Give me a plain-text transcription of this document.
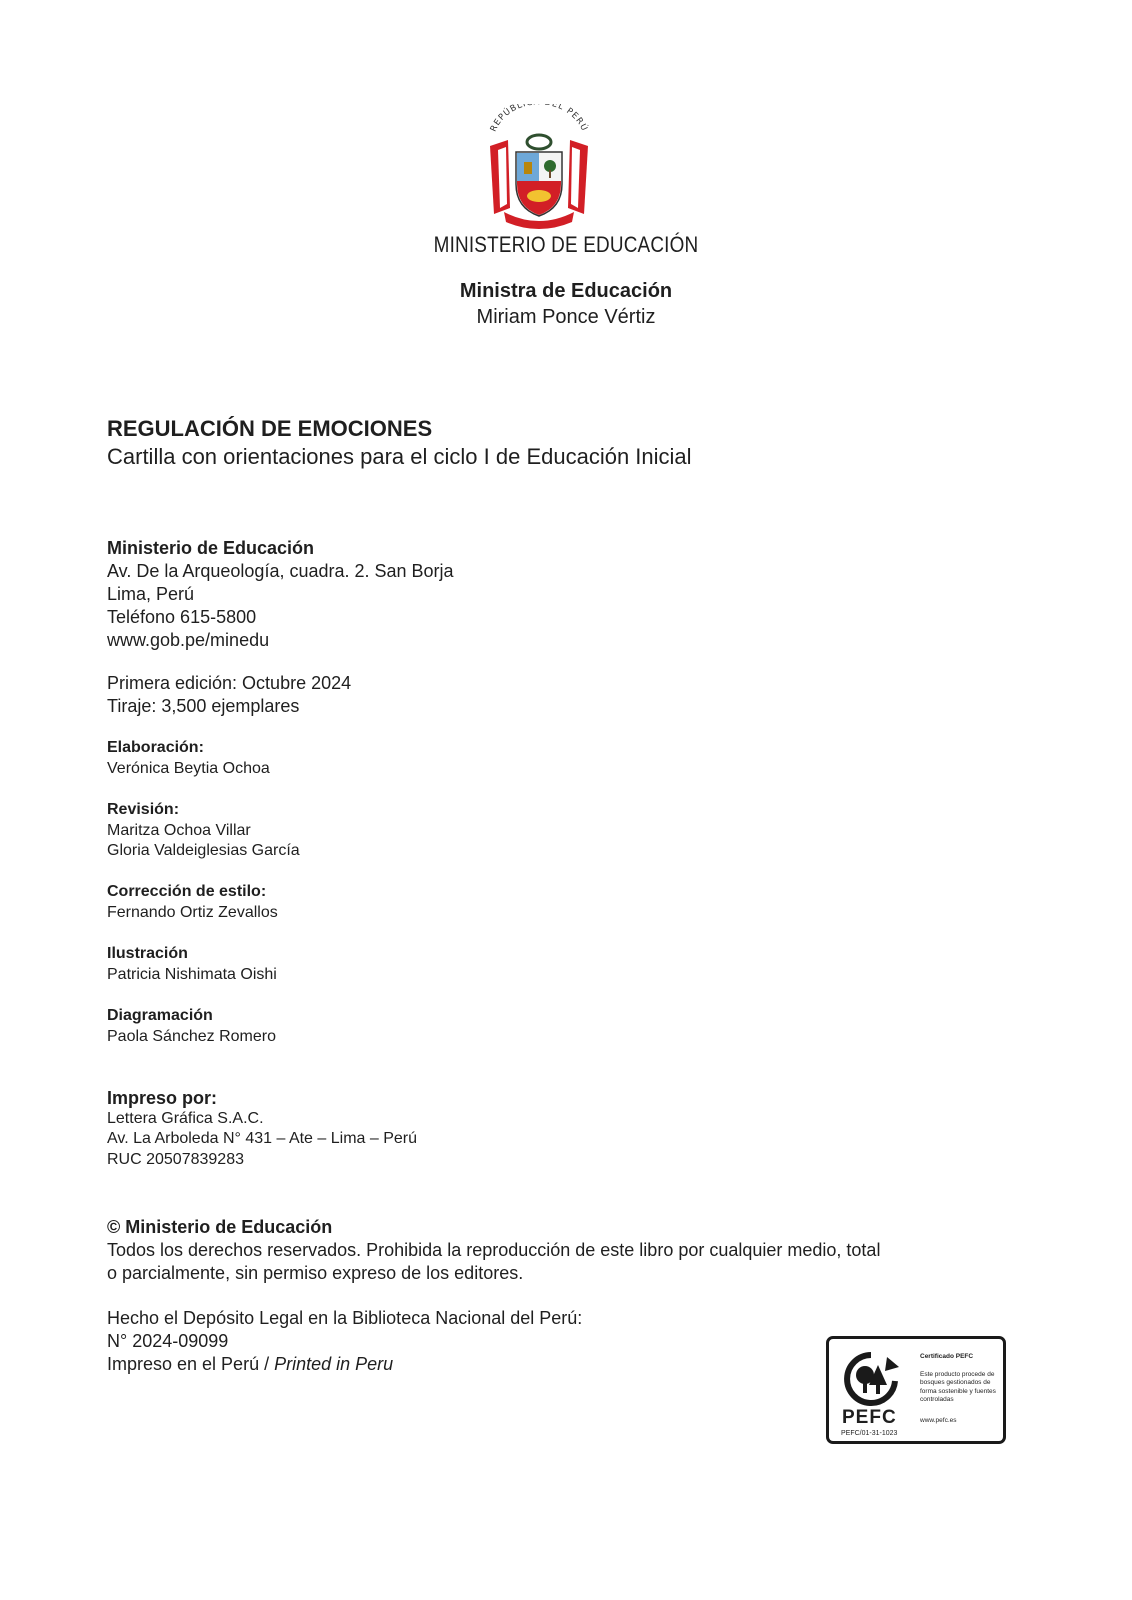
REPÚBLI EL PERÚ
MINISTERIO DE EDUCACIÓN
Ministra de Educación
Miriam Ponce Vértiz
REGULACIÓN DE EMOCIONES
Cartilla con orientaciones para el ciclo I de Educación Inicial
Ministerio de Educación
Av. De la Arqueología, cuadra. 2. San Borja
Lima, Perú
Teléfono 615-5800
www.gob.pe/minedu
Primera edición: Octubre 2024
Tiraje: 3,500 ejemplares
Elaboración:
Verónica Beytia Ochoa
Revisión:
Maritza Ochoa Villar
Gloria Valdeiglesias García
Corrección de estilo:
Fernando Ortiz Zevallos
Ilustración
Patricia Nishimata Oishi
Diagramación
Paola Sánchez Romero
Impreso por:
Lettera Gráfica S.A.C.
Av. La Arboleda N° 431 – Ate – Lima – Perú
RUC 20507839283
© Ministerio de Educación
Todos los derechos reservados. Prohibida la reproducción de este libro por cualquier medio, total
o parcialmente, sin permiso expreso de los editores.
Hecho el Depósito Legal en la Biblioteca Nacional del Perú:
N° 2024-09099
Impreso en el Perú / Printed in Peru
PEFC
PEFC/01-31-1023
Certificado PEFC
Este producto procede de bosques gestionados de forma sostenible y fuentes controladas
www.pefc.es
